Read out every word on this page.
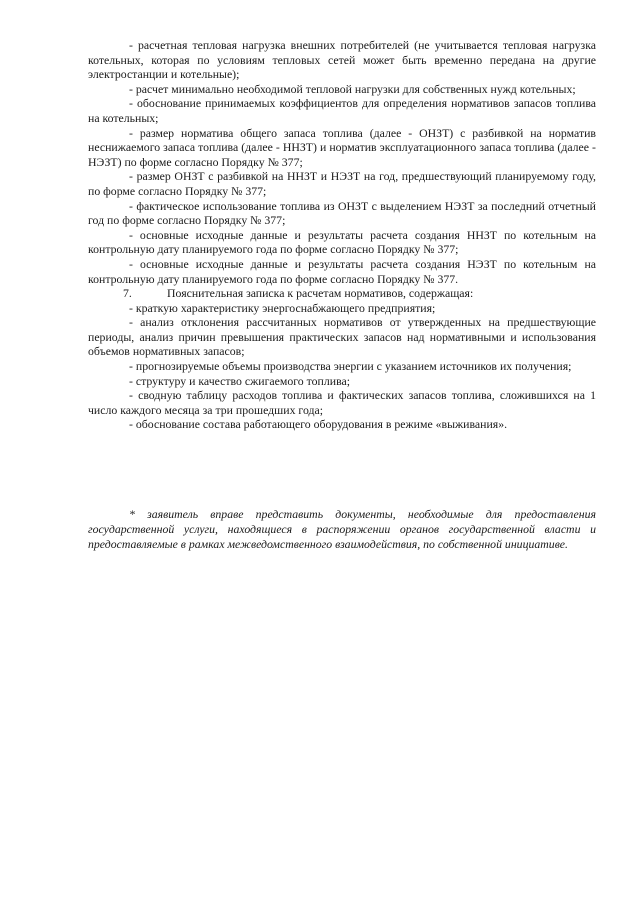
- расчетная тепловая нагрузка внешних потребителей (не учитывается тепловая нагрузка котельных, которая по условиям тепловых сетей может быть временно передана на другие электростанции и котельные);

- расчет минимально необходимой тепловой нагрузки для собственных нужд котельных;

- обоснование принимаемых коэффициентов для определения нормативов запасов топлива на котельных;

- размер норматива общего запаса топлива (далее - ОНЗТ) с разбивкой на норматив неснижаемого запаса топлива (далее - ННЗТ) и норматив эксплуатационного запаса топлива (далее - НЭЗТ) по форме согласно Порядку № 377;

- размер ОНЗТ с разбивкой на ННЗТ и НЭЗТ на год, предшествующий планируемому году, по форме согласно Порядку № 377;

- фактическое использование топлива из ОНЗТ с выделением НЭЗТ за последний отчетный год по форме согласно Порядку № 377;

- основные исходные данные и результаты расчета создания ННЗТ по котельным на контрольную дату планируемого года по форме согласно Порядку № 377;

- основные исходные данные и результаты расчета создания НЭЗТ по котельным на контрольную дату планируемого года по форме согласно Порядку № 377.

7.	Пояснительная записка к расчетам нормативов, содержащая:

- краткую характеристику энергоснабжающего предприятия;

- анализ отклонения рассчитанных нормативов от утвержденных на предшествующие периоды, анализ причин превышения практических запасов над нормативными и использования объемов нормативных запасов;

- прогнозируемые объемы производства энергии с указанием источников их получения;

- структуру и качество сжигаемого топлива;

- сводную таблицу расходов топлива и фактических запасов топлива, сложившихся на 1 число каждого месяца за три прошедших года;

- обоснование состава работающего оборудования в режиме «выживания».

* заявитель вправе представить документы, необходимые для предоставления государственной услуги, находящиеся в распоряжении органов государственной власти и предоставляемые в рамках межведомственного взаимодействия, по собственной инициативе.
